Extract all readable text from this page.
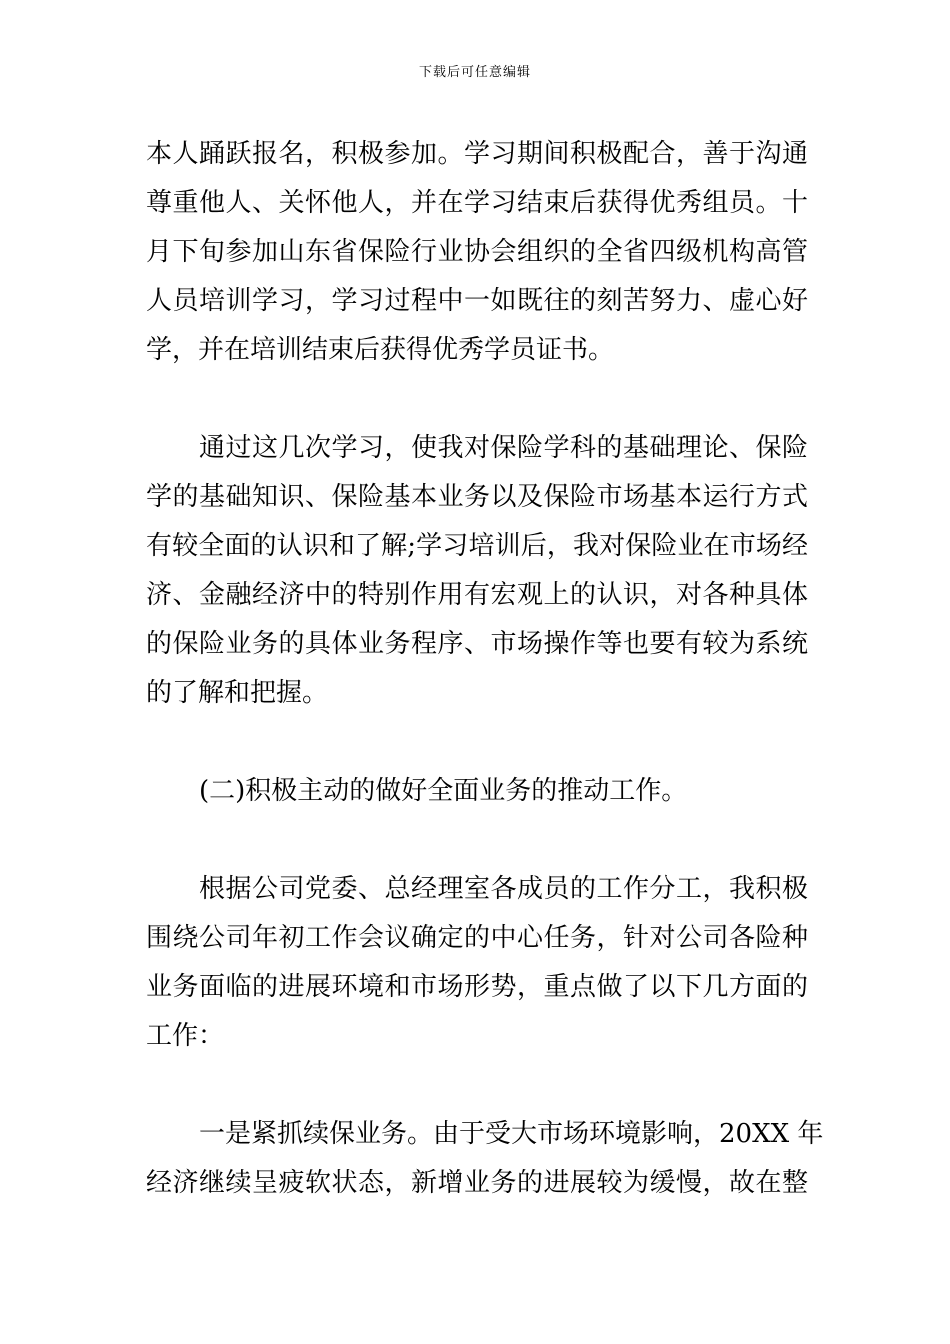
下载后可任意编辑
本人踊跃报名，积极参加。学习期间积极配合，善于沟通
尊重他人、关怀他人，并在学习结束后获得优秀组员。十
月下旬参加山东省保险行业协会组织的全省四级机构高管
人员培训学习，学习过程中一如既往的刻苦努力、虚心好
学，并在培训结束后获得优秀学员证书。
通过这几次学习，使我对保险学科的基础理论、保险
学的基础知识、保险基本业务以及保险市场基本运行方式
有较全面的认识和了解;学习培训后，我对保险业在市场经
济、金融经济中的特别作用有宏观上的认识，对各种具体
的保险业务的具体业务程序、市场操作等也要有较为系统
的了解和把握。
(二)积极主动的做好全面业务的推动工作。
根据公司党委、总经理室各成员的工作分工，我积极
围绕公司年初工作会议确定的中心任务，针对公司各险种
业务面临的进展环境和市场形势，重点做了以下几方面的
工作：
一是紧抓续保业务。由于受大市场环境影响，20XX 年
经济继续呈疲软状态，新增业务的进展较为缓慢，故在整
